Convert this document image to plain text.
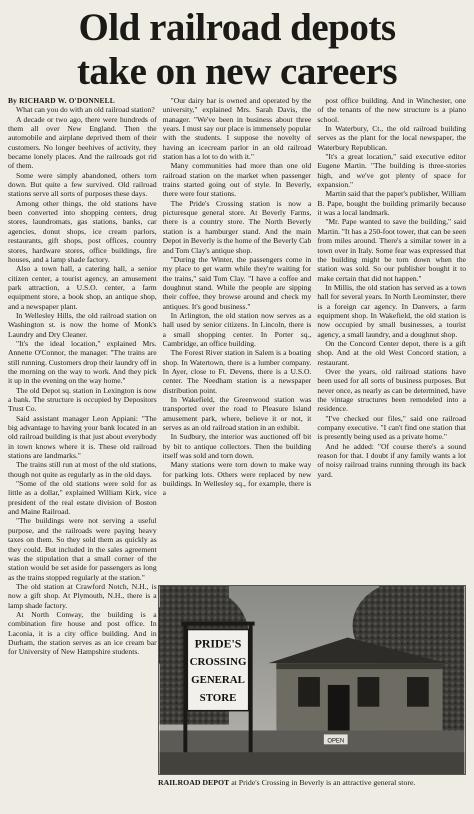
Old railroad depots
take on new careers

By RICHARD W. O'DONNELL

What can you do with an old railroad station?

A decade or two ago, there were hundreds of them all over New England. Then the automobile and airplane deprived them of their customers. No longer beehives of activity, they became lonely places. And the railroads got rid of them.

Some were simply abandoned, others torn down. But quite a few survived. Old railroad stations serve all sorts of purposes these days.

Among other things, the old stations have been converted into shopping centers, drug stores, laundromats, gas stations, banks, car agencies, donut shops, ice cream parlors, restaurants, gift shops, post offices, country stores, hardware stores, office buildings, fire houses, and a lamp shade factory.

Also a town hall, a catering hall, a senior citizen center, a tourist agency, an amusement park attraction, a U.S.O. center, a farm equipment store, a book shop, an antique shop, and a newspaper plant.

In Wellesley Hills, the old railroad station on Washington st. is now the home of Monk's Laundry and Dry Cleaner.

"It's the ideal location," explained Mrs. Annette O'Connor, the manager. "The trains are still running. Customers drop their laundry off in the morning on the way to work. And they pick it up in the evening on the way home."

The old Depot sq. station in Lexington is now a bank. The structure is occupied by Depositors Trust Co.

Said assistant manager Leon Appiani: "The big advantage to having your bank located in an old railroad building is that just about everybody in town knows where it is. These old railroad stations are landmarks."

The trains still run at most of the old stations, though not quite as regularly as in the old days.

"Some of the old stations were sold for as little as a dollar," explained William Kirk, vice president of the real estate division of Boston and Maine Railroad.

"The buildings were not serving a useful purpose, and the railroads were paying heavy taxes on them. So they sold them as quickly as they could. But included in the sales agreement was the stipulation that a small corner of the station would be set aside for passengers as long as the trains stopped regularly at the station."

The old station at Crawford Notch, N.H., is now a gift shop. At Plymouth, N.H., there is a lamp shade factory.

At North Conway, the building is a combination fire house and post office. In Laconia, it is a city office building. And in Durham, the station serves as an ice cream bar for University of New Hampshire students.

"Our dairy bar is owned and operated by the university," explained Mrs. Sarah Davis, the manager. "We've been in business about three years. I must say our place is immensely popular with the students. I suppose the novelty of having an icecream parlor in an old railroad station has a lot to do with it."

Many communities had more than one old railroad station on the market when passenger trains started going out of style. In Beverly, there were four stations.

The Pride's Crossing station is now a picturesque general store. At Beverly Farms, there is a country store. The North Beverly station is a hamburger stand. And the main Depot in Beverly is the home of the Beverly Cab and Tom Clay's antique shop.

"During the Winter, the passengers come in my place to get warm while they're waiting for the trains," said Tom Clay. "I have a coffee and doughnut stand. While the people are sipping their coffee, they browse around and check my antiques. It's good business."

In Arlington, the old station now serves as a hall used by senior citizens. In Lincoln, there is a small shopping center. In Porter sq., Cambridge, an office building.

The Forest River station in Salem is a boating shop. In Watertown, there is a lumber company. In Ayer, close to Ft. Devens, there is a U.S.O. center. The Needham station is a newspaper distribution point.

In Wakefield, the Greenwood station was transported over the road to Pleasure Island amusement park, where, believe it or not, it serves as an old railroad station in an exhibit.

In Sudbury, the interior was auctioned off bit by bit to antique collectors. Then the building itself was sold and torn down.

Many stations were torn down to make way for parking lots. Others were replaced by new buildings. In Wellesley sq., for example, there is a

post office building. And in Winchester, one of the tenants of the new structure is a piano school.

In Waterbury, Ct., the old railroad building serves as the plant for the local newspaper, the Waterbury Republican.

"It's a great location," said executive editor Eugene Martin. "The building is three-stories high, and we've got plenty of space for expansion."

Martin said that the paper's publisher, William B. Pape, bought the building primarily because it was a local landmark.

"Mr. Pape wanted to save the building," said Martin. "It has a 250-foot tower, that can be seen from miles around. There's a similar tower in a town over in Italy. Some fear was expressed that the building might be torn down when the station was sold. So our publisher bought it to make certain that did not happen."

In Millis, the old station has served as a town hall for several years. In North Leominster, there is a foreign car agency. In Danvers, a farm equipment shop. In Wakefield, the old station is now occupied by small businesses, a tourist agency, a small laundry, and a doughnut shop.

On the Concord Center depot, there is a gift shop. And at the old West Concord station, a restaurant.

Over the years, old railroad stations have been used for all sorts of business purposes. But never once, as nearly as can be determined, have the vintage structures been remodeled into a residence.

"I've checked our files," said one railroad company executive. "I can't find one station that is presently being used as a private home."

And he added: "Of course there's a sound reason for that. I doubt if any family wants a lot of noisy railroad trains running through its back yard.

PRIDE'S
CROSSING
GENERAL
STORE
OPEN
RAILROAD DEPOT at Pride's Crossing in Beverly is an attractive general store.
